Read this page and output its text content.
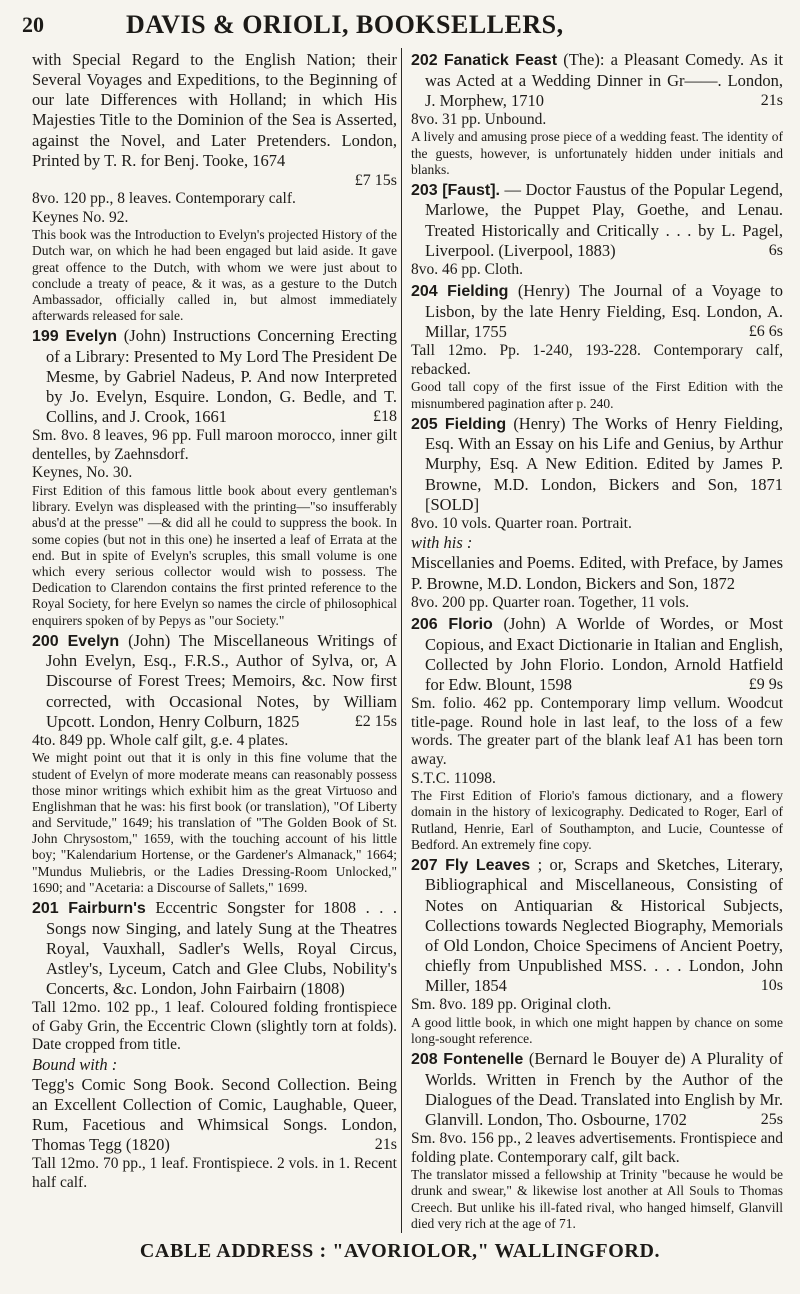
20	DAVIS & ORIOLI, BOOKSELLERS,

with Special Regard to the English Nation; their Several Voyages and Expeditions, to the Beginning of our late Differences with Holland; in which His Majesties Title to the Dominion of the Sea is Asserted, against the Novel, and Later Pretenders. London, Printed by T. R. for Benj. Tooke, 1674

£7 15s

8vo. 120 pp., 8 leaves. Contemporary calf.

Keynes No. 92.

This book was the Introduction to Evelyn's projected History of the Dutch war, on which he had been engaged but laid aside. It gave great offence to the Dutch, with whom we were just about to conclude a treaty of peace, & it was, as a gesture to the Dutch Ambassador, officially called in, but almost immediately afterwards released for sale.

199 Evelyn (John) Instructions Concerning Erecting of a Library: Presented to My Lord The President De Mesme, by Gabriel Nadeus, P. And now Interpreted by Jo. Evelyn, Esquire. London, G. Bedle, and T. Collins, and J. Crook, 1661	£18

Sm. 8vo. 8 leaves, 96 pp. Full maroon morocco, inner gilt dentelles, by Zaehnsdorf.

Keynes, No. 30.

First Edition of this famous little book about every gentleman's library. Evelyn was displeased with the printing—"so insufferably abus'd at the presse" —& did all he could to suppress the book. In some copies (but not in this one) he inserted a leaf of Errata at the end. But in spite of Evelyn's scruples, this small volume is one which every serious collector would wish to possess. The Dedication to Clarendon contains the first printed reference to the Royal Society, for here Evelyn so names the circle of philosophical enquirers spoken of by Pepys as "our Society."

200 Evelyn (John) The Miscellaneous Writings of John Evelyn, Esq., F.R.S., Author of Sylva, or, A Discourse of Forest Trees; Memoirs, &c. Now first corrected, with Occasional Notes, by William Upcott. London, Henry Colburn, 1825	£2 15s

4to. 849 pp. Whole calf gilt, g.e. 4 plates.

We might point out that it is only in this fine volume that the student of Evelyn of more moderate means can reasonably possess those minor writings which exhibit him as the great Virtuoso and Englishman that he was: his first book (or translation), "Of Liberty and Servitude," 1649; his translation of "The Golden Book of St. John Chrysostom," 1659, with the touching account of his little boy; "Kalendarium Hortense, or the Gardener's Almanack," 1664; "Mundus Muliebris, or the Ladies Dressing-Room Unlocked," 1690; and "Acetaria: a Discourse of Sallets," 1699.

201 Fairburn's Eccentric Songster for 1808 . . . Songs now Singing, and lately Sung at the Theatres Royal, Vauxhall, Sadler's Wells, Royal Circus, Astley's, Lyceum, Catch and Glee Clubs, Nobility's Concerts, &c. London, John Fairbairn (1808)

Tall 12mo. 102 pp., 1 leaf. Coloured folding frontispiece of Gaby Grin, the Eccentric Clown (slightly torn at folds). Date cropped from title.

Bound with :

Tegg's Comic Song Book. Second Collection. Being an Excellent Collection of Comic, Laughable, Queer, Rum, Facetious and Whimsical Songs. London, Thomas Tegg (1820)	21s

Tall 12mo. 70 pp., 1 leaf. Frontispiece. 2 vols. in 1. Recent half calf.

202 Fanatick Feast (The): a Pleasant Comedy. As it was Acted at a Wedding Dinner in Gr——. London, J. Morphew, 1710	21s

8vo. 31 pp. Unbound.

A lively and amusing prose piece of a wedding feast. The identity of the guests, however, is unfortunately hidden under initials and blanks.

203 [Faust]. — Doctor Faustus of the Popular Legend, Marlowe, the Puppet Play, Goethe, and Lenau. Treated Historically and Critically . . . by L. Pagel, Liverpool. (Liverpool, 1883)	6s

8vo. 46 pp. Cloth.

204 Fielding (Henry) The Journal of a Voyage to Lisbon, by the late Henry Fielding, Esq. London, A. Millar, 1755	£6 6s

Tall 12mo. Pp. 1-240, 193-228. Contemporary calf, rebacked.

Good tall copy of the first issue of the First Edition with the misnumbered pagination after p. 240.

205 Fielding (Henry) The Works of Henry Fielding, Esq. With an Essay on his Life and Genius, by Arthur Murphy, Esq. A New Edition. Edited by James P. Browne, M.D. London, Bickers and Son, 1871 [SOLD]

8vo. 10 vols. Quarter roan. Portrait.

with his :

Miscellanies and Poems. Edited, with Preface, by James P. Browne, M.D. London, Bickers and Son, 1872

8vo. 200 pp. Quarter roan. Together, 11 vols.

206 Florio (John) A Worlde of Wordes, or Most Copious, and Exact Dictionarie in Italian and English, Collected by John Florio. London, Arnold Hatfield for Edw. Blount, 1598	£9 9s

Sm. folio. 462 pp. Contemporary limp vellum. Woodcut title-page. Round hole in last leaf, to the loss of a few words. The greater part of the blank leaf A1 has been torn away.

S.T.C. 11098.

The First Edition of Florio's famous dictionary, and a flowery domain in the history of lexicography. Dedicated to Roger, Earl of Rutland, Henrie, Earl of Southampton, and Lucie, Countesse of Bedford. An extremely fine copy.

207 Fly Leaves ; or, Scraps and Sketches, Literary, Bibliographical and Miscellaneous, Consisting of Notes on Antiquarian & Historical Subjects, Collections towards Neglected Biography, Memorials of Old London, Choice Specimens of Ancient Poetry, chiefly from Unpublished MSS. . . . London, John Miller, 1854	10s

Sm. 8vo. 189 pp. Original cloth.

A good little book, in which one might happen by chance on some long-sought reference.

208 Fontenelle (Bernard le Bouyer de) A Plurality of Worlds. Written in French by the Author of the Dialogues of the Dead. Translated into English by Mr. Glanvill. London, Tho. Osbourne, 1702	25s

Sm. 8vo. 156 pp., 2 leaves advertisements. Frontispiece and folding plate. Contemporary calf, gilt back.

The translator missed a fellowship at Trinity "because he would be drunk and swear," & likewise lost another at All Souls to Thomas Creech. But unlike his ill-fated rival, who hanged himself, Glanvill died very rich at the age of 71.

CABLE ADDRESS : "AVORIOLOR," WALLINGFORD.
